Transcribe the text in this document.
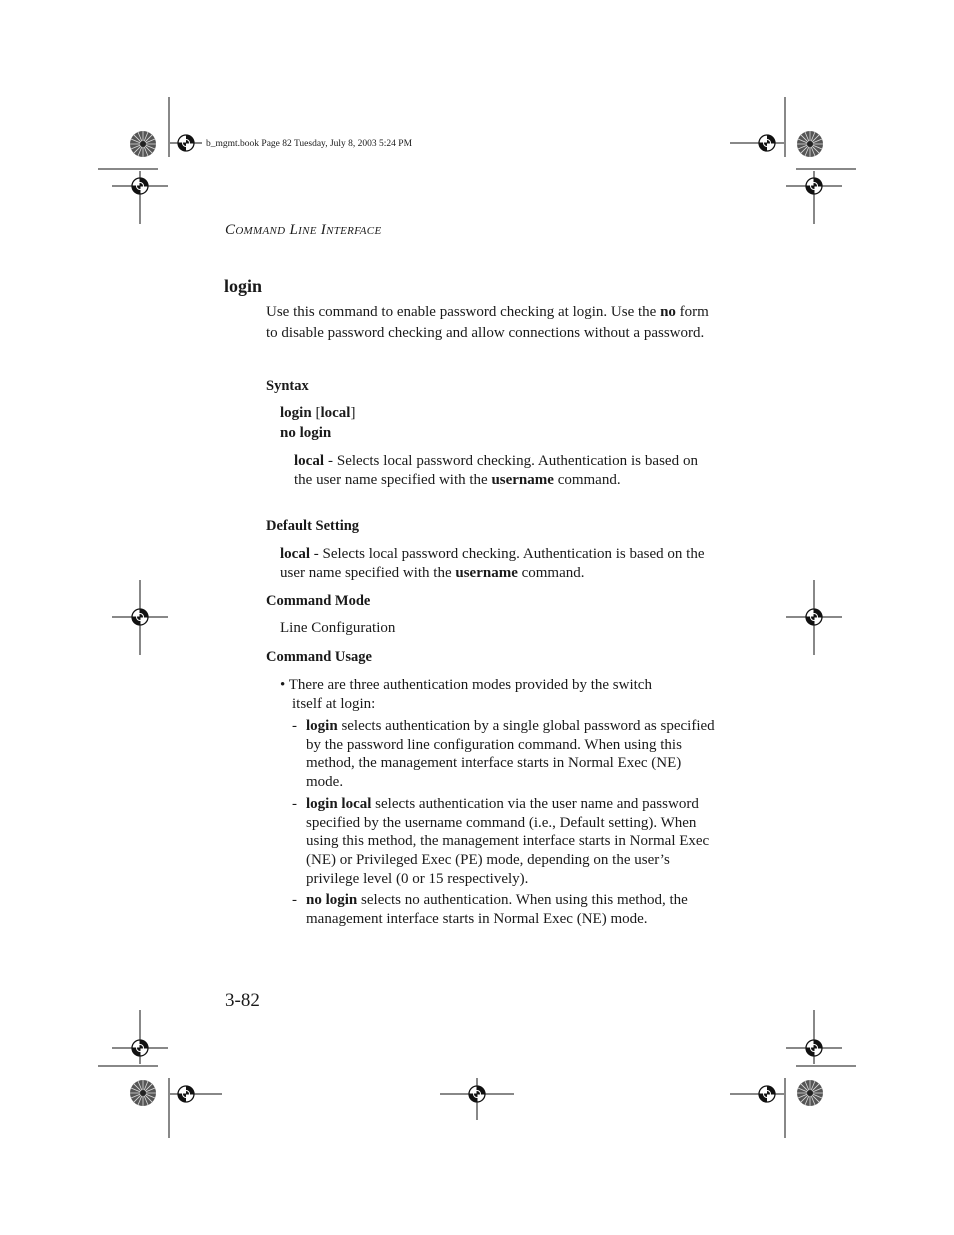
b_mgmt.book Page 82 Tuesday, July 8, 2003 5:24 PM
COMMAND LINE INTERFACE
login
Use this command to enable password checking at login. Use the no form to disable password checking and allow connections without a password.
Syntax
login [local]
no login
local - Selects local password checking. Authentication is based on the user name specified with the username command.
Default Setting
local - Selects local password checking. Authentication is based on the user name specified with the username command.
Command Mode
Line Configuration
Command Usage
• There are three authentication modes provided by the switch
itself at login:
- login selects authentication by a single global password as specified by the password line configuration command. When using this method, the management interface starts in Normal Exec (NE) mode.
- login local selects authentication via the user name and password specified by the username command (i.e., Default setting). When using this method, the management interface starts in Normal Exec (NE) or Privileged Exec (PE) mode, depending on the user’s privilege level (0 or 15 respectively).
- no login selects no authentication. When using this method, the management interface starts in Normal Exec (NE) mode.
3-82
